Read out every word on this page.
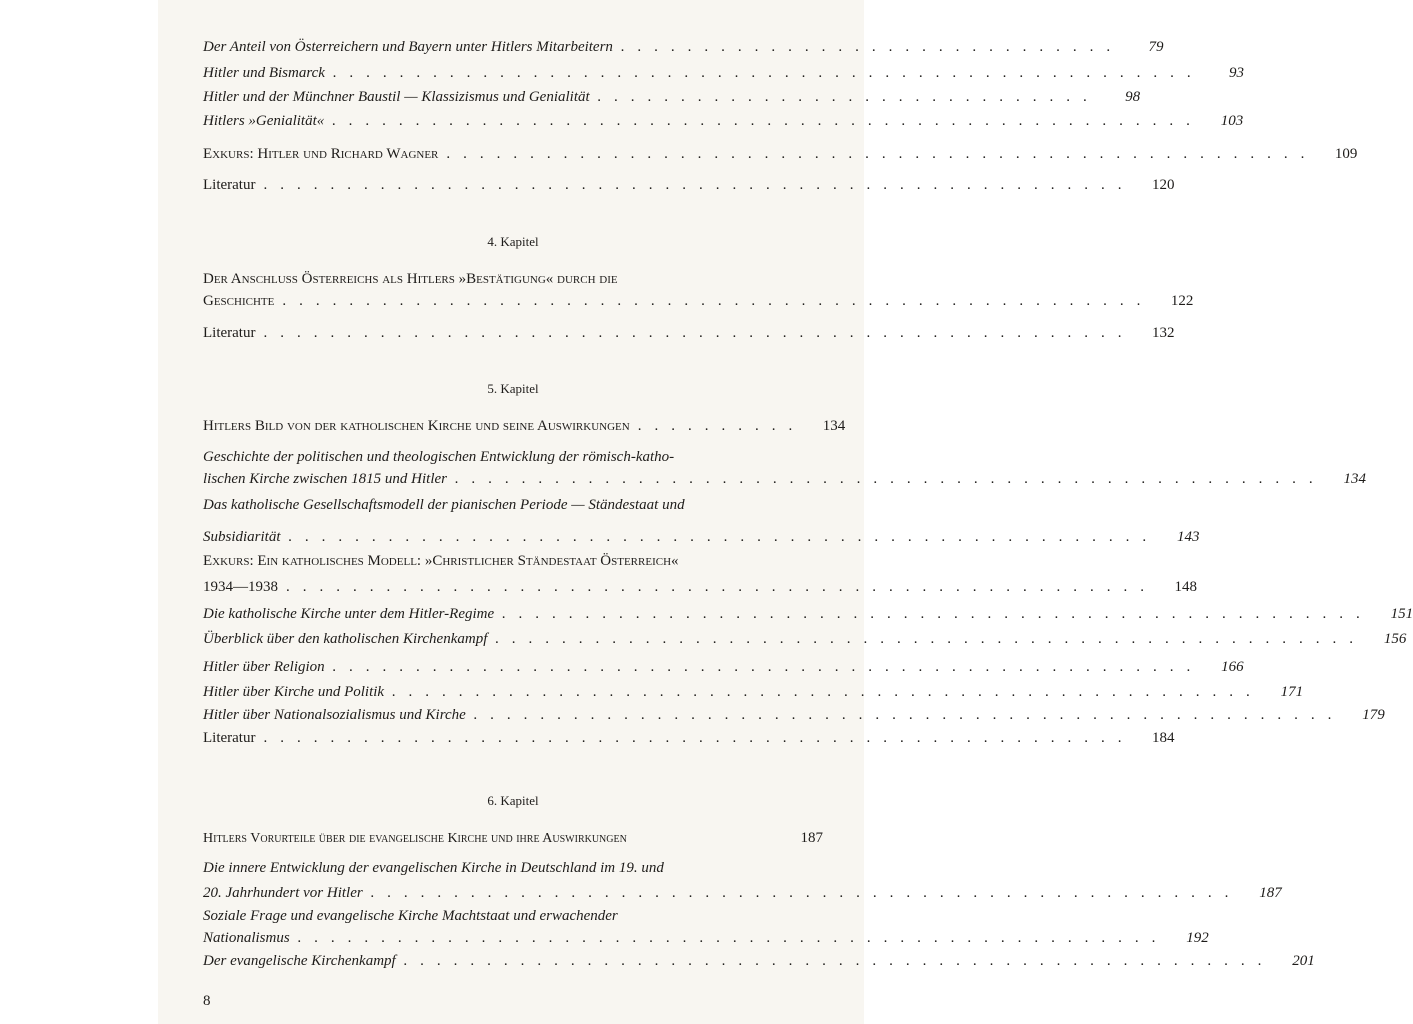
Der Anteil von Österreichern und Bayern unter Hitlers Mitarbeitern ..............................	79
Hitler und Bismarck ....................................................	93
Hitler und der Münchner Baustil — Klassizismus und Genialität ..............................	98
Hitlers »Genialität« ....................................................	103
Exkurs: Hitler und Richard Wagner ....................................................	109
Literatur ....................................................	120
4. Kapitel
Der Anschluss Österreichs als Hitlers »Bestätigung« durch die
Geschichte ....................................................	122
Literatur ....................................................	132
5. Kapitel
Hitlers Bild von der katholischen Kirche und seine Auswirkungen ..........	134
Geschichte der politischen und theologischen Entwicklung der römisch-katho-
lischen Kirche zwischen 1815 und Hitler ....................................................	134
Das katholische Gesellschaftsmodell der pianischen Periode — Ständestaat und
Subsidiarität ....................................................	143
Exkurs: Ein katholisches Modell: »Christlicher Ständestaat Österreich«
1934—1938 ....................................................	148
Die katholische Kirche unter dem Hitler-Regime ....................................................	151
Überblick über den katholischen Kirchenkampf ....................................................	156
Hitler über Religion ....................................................	166
Hitler über Kirche und Politik ....................................................	171
Hitler über Nationalsozialismus und Kirche ....................................................	179
Literatur ....................................................	184
6. Kapitel
Hitlers Vorurteile über die evangelische Kirche und ihre Auswirkungen	187
Die innere Entwicklung der evangelischen Kirche in Deutschland im 19. und
20. Jahrhundert vor Hitler ....................................................	187
Soziale Frage und evangelische Kirche Machtstaat und erwachender
Nationalismus ....................................................	192
Der evangelische Kirchenkampf ....................................................	201
8
